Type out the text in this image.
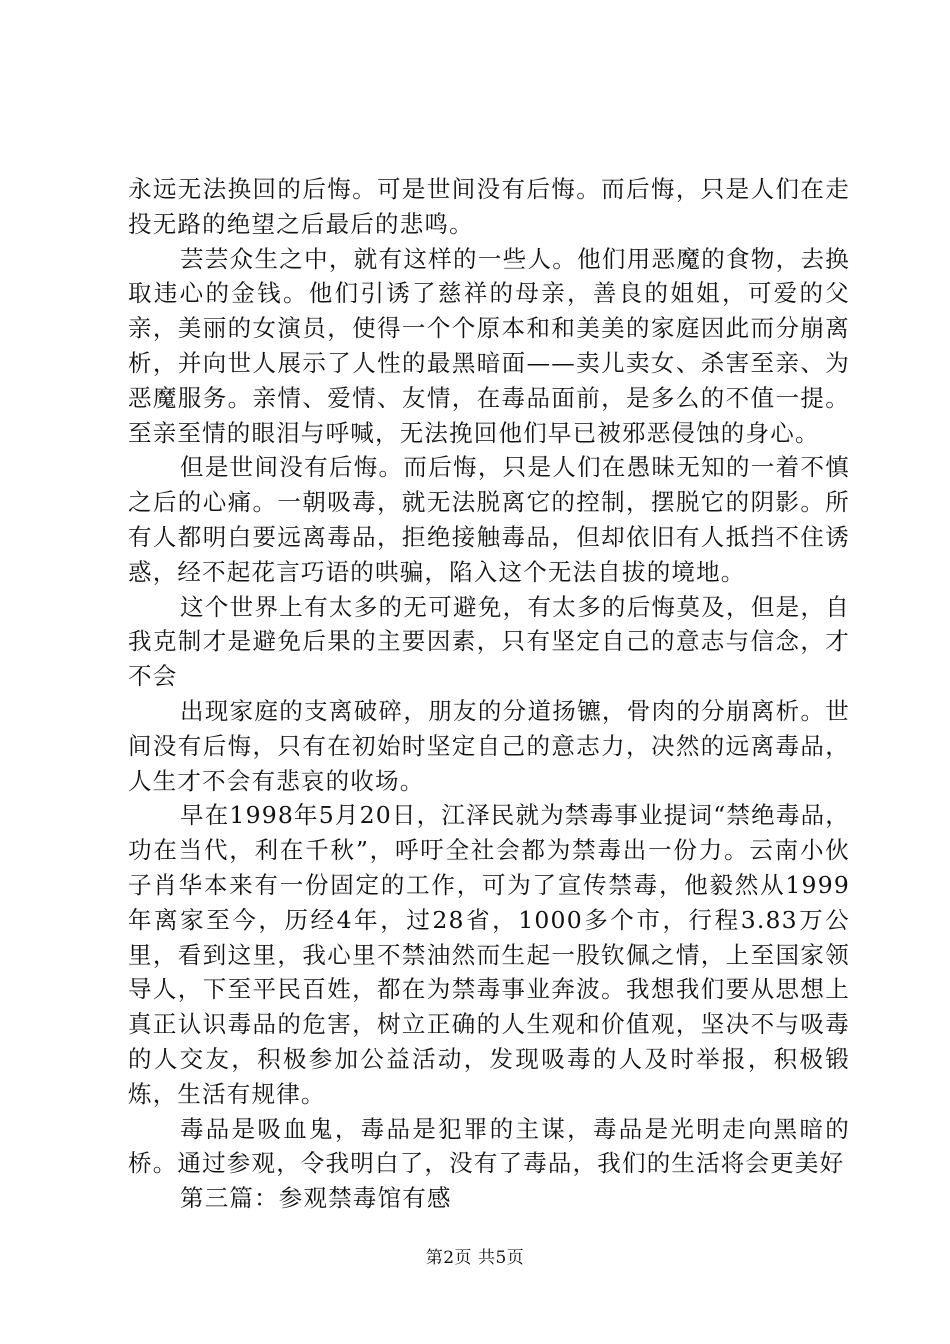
永远无法换回的后悔。可是世间没有后悔。而后悔，只是人们在走投无路的绝望之后最后的悲鸣。

芸芸众生之中，就有这样的一些人。他们用恶魔的食物，去换取违心的金钱。他们引诱了慈祥的母亲，善良的姐姐，可爱的父亲，美丽的女演员，使得一个个原本和和美美的家庭因此而分崩离析，并向世人展示了人性的最黑暗面——卖儿卖女、杀害至亲、为恶魔服务。亲情、爱情、友情，在毒品面前，是多么的不值一提。至亲至情的眼泪与呼喊，无法挽回他们早已被邪恶侵蚀的身心。

但是世间没有后悔。而后悔，只是人们在愚昧无知的一着不慎之后的心痛。一朝吸毒，就无法脱离它的控制，摆脱它的阴影。所有人都明白要远离毒品，拒绝接触毒品，但却依旧有人抵挡不住诱惑，经不起花言巧语的哄骗，陷入这个无法自拔的境地。

这个世界上有太多的无可避免，有太多的后悔莫及，但是，自我克制才是避免后果的主要因素，只有坚定自己的意志与信念，才不会

出现家庭的支离破碎，朋友的分道扬镳，骨肉的分崩离析。世间没有后悔，只有在初始时坚定自己的意志力，决然的远离毒品，人生才不会有悲哀的收场。

早在1998年5月20日，江泽民就为禁毒事业提词“禁绝毒品，功在当代，利在千秋”，呼吁全社会都为禁毒出一份力。云南小伙子肖华本来有一份固定的工作，可为了宣传禁毒，他毅然从1999年离家至今，历经4年，过28省，1000多个市，行程3.83万公里，看到这里，我心里不禁油然而生起一股钦佩之情，上至国家领导人，下至平民百姓，都在为禁毒事业奔波。我想我们要从思想上真正认识毒品的危害，树立正确的人生观和价值观，坚决不与吸毒的人交友，积极参加公益活动，发现吸毒的人及时举报，积极锻炼，生活有规律。

毒品是吸血鬼，毒品是犯罪的主谋，毒品是光明走向黑暗的桥。通过参观，令我明白了，没有了毒品，我们的生活将会更美好

第三篇：参观禁毒馆有感

第2页 共5页
